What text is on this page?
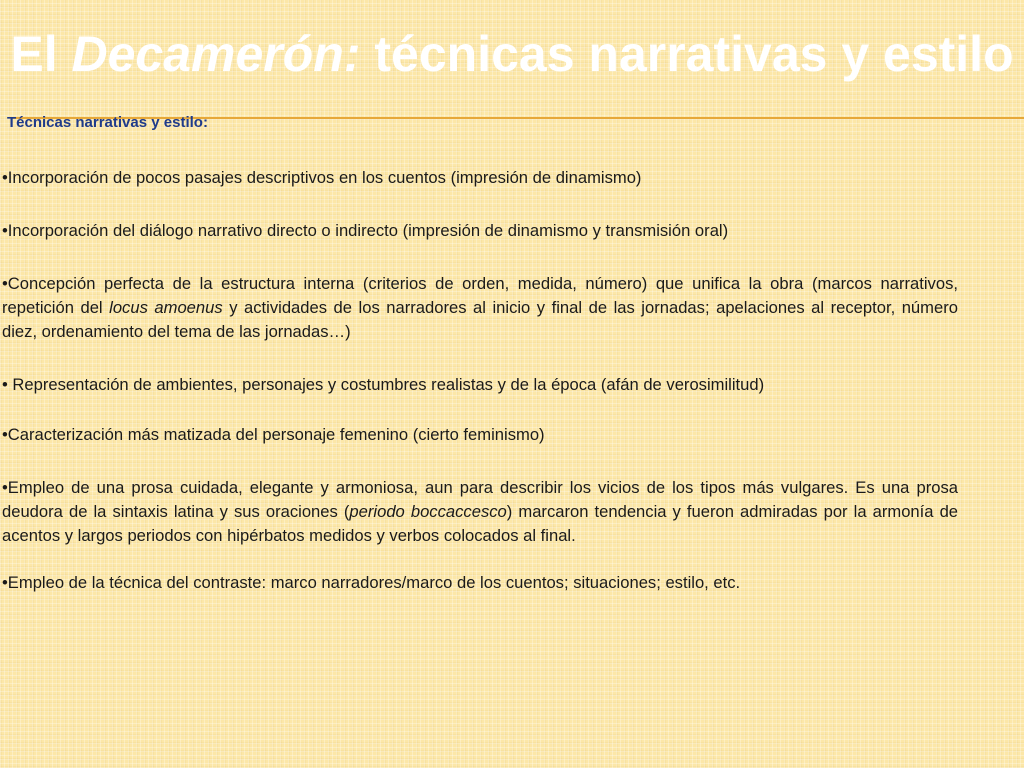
El Decamerón: técnicas narrativas y estilo
Técnicas narrativas y estilo:

•Incorporación de pocos pasajes descriptivos en los cuentos (impresión de dinamismo)

•Incorporación del diálogo narrativo directo o indirecto (impresión de dinamismo y transmisión oral)

•Concepción perfecta de la estructura interna (criterios de orden, medida, número) que unifica la obra (marcos narrativos, repetición del locus amoenus y actividades de los narradores al inicio y final de las jornadas; apelaciones al receptor, número diez, ordenamiento del tema de las jornadas…)

• Representación de ambientes, personajes y costumbres realistas y de la época (afán de verosimilitud)

•Caracterización más matizada del personaje femenino (cierto feminismo)

•Empleo de una prosa cuidada, elegante y armoniosa, aun para describir los vicios de los tipos más vulgares. Es una prosa deudora de la sintaxis latina y sus oraciones (periodo boccaccesco) marcaron tendencia y fueron admiradas por la armonía de acentos y largos periodos con hipérbatos medidos y verbos colocados al final.

•Empleo de la técnica del contraste: marco narradores/marco de los cuentos; situaciones; estilo, etc.
